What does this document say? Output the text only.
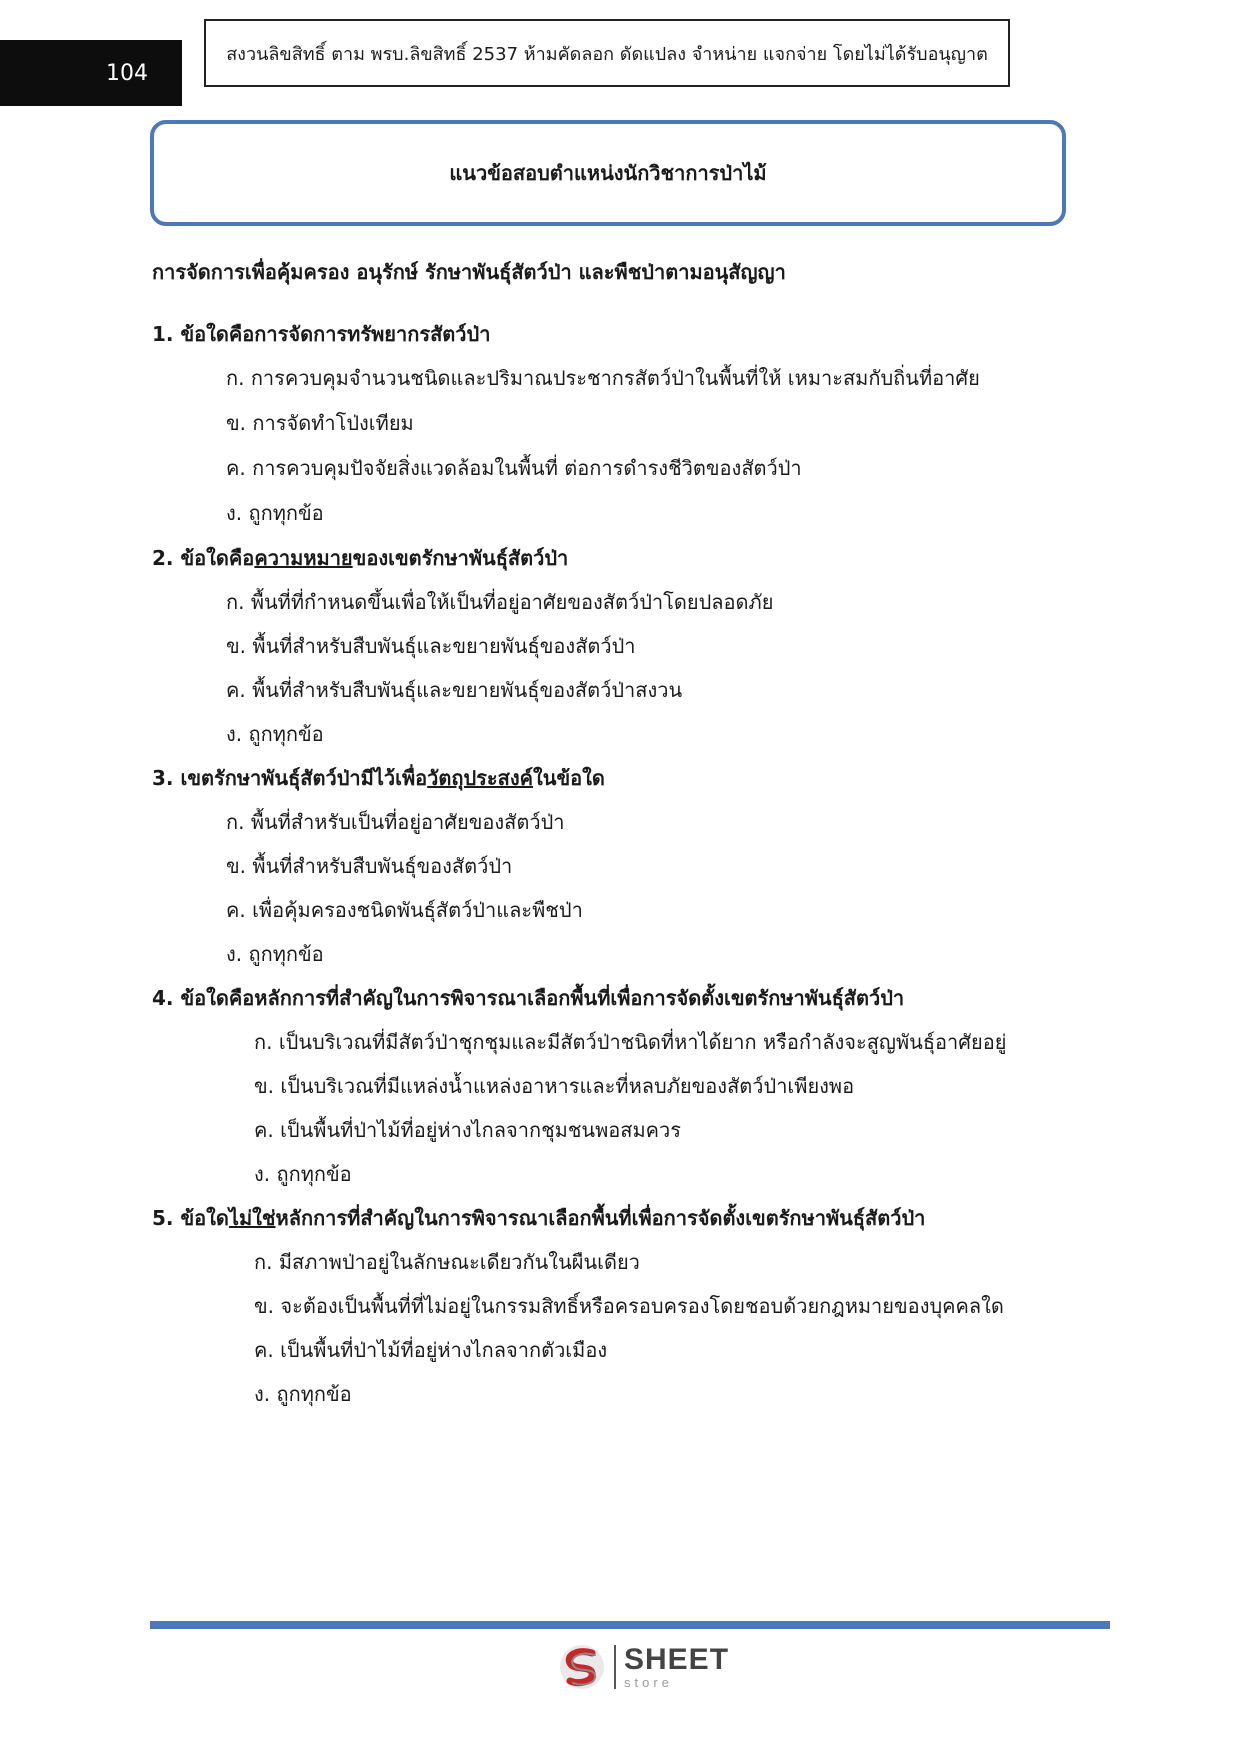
104
สงวนลิขสิทธิ์ ตาม พรบ.ลิขสิทธิ์ 2537 ห้ามคัดลอก ดัดแปลง จำหน่าย แจกจ่าย โดยไม่ได้รับอนุญาต
แนวข้อสอบตำแหน่งนักวิชาการป่าไม้
การจัดการเพื่อคุ้มครอง อนุรักษ์ รักษาพันธุ์สัตว์ป่า และพืชป่าตามอนุสัญญา
1. ข้อใดคือการจัดการทรัพยากรสัตว์ป่า
ก. การควบคุมจำนวนชนิดและปริมาณประชากรสัตว์ป่าในพื้นที่ให้ เหมาะสมกับถิ่นที่อาศัย
ข. การจัดทำโป่งเทียม
ค. การควบคุมปัจจัยสิ่งแวดล้อมในพื้นที่ ต่อการดำรงชีวิตของสัตว์ป่า
ง. ถูกทุกข้อ
2. ข้อใดคือความหมายของเขตรักษาพันธุ์สัตว์ป่า
ก. พื้นที่ที่กำหนดขึ้นเพื่อให้เป็นที่อยู่อาศัยของสัตว์ป่าโดยปลอดภัย
ข. พื้นที่สำหรับสืบพันธุ์และขยายพันธุ์ของสัตว์ป่า
ค. พื้นที่สำหรับสืบพันธุ์และขยายพันธุ์ของสัตว์ป่าสงวน
ง. ถูกทุกข้อ
3. เขตรักษาพันธุ์สัตว์ป่ามีไว้เพื่อวัตถุประสงค์ในข้อใด
ก. พื้นที่สำหรับเป็นที่อยู่อาศัยของสัตว์ป่า
ข. พื้นที่สำหรับสืบพันธุ์ของสัตว์ป่า
ค. เพื่อคุ้มครองชนิดพันธุ์สัตว์ป่าและพืชป่า
ง. ถูกทุกข้อ
4. ข้อใดคือหลักการที่สำคัญในการพิจารณาเลือกพื้นที่เพื่อการจัดตั้งเขตรักษาพันธุ์สัตว์ป่า
ก. เป็นบริเวณที่มีสัตว์ป่าชุกชุมและมีสัตว์ป่าชนิดที่หาได้ยาก หรือกำลังจะสูญพันธุ์อาศัยอยู่
ข. เป็นบริเวณที่มีแหล่งน้ำแหล่งอาหารและที่หลบภัยของสัตว์ป่าเพียงพอ
ค. เป็นพื้นที่ป่าไม้ที่อยู่ห่างไกลจากชุมชนพอสมควร
ง. ถูกทุกข้อ
5. ข้อใดไม่ใช่หลักการที่สำคัญในการพิจารณาเลือกพื้นที่เพื่อการจัดตั้งเขตรักษาพันธุ์สัตว์ป่า
ก. มีสภาพป่าอยู่ในลักษณะเดียวกันในผืนเดียว
ข. จะต้องเป็นพื้นที่ที่ไม่อยู่ในกรรมสิทธิ์หรือครอบครองโดยชอบด้วยกฎหมายของบุคคลใด
ค. เป็นพื้นที่ป่าไม้ที่อยู่ห่างไกลจากตัวเมือง
ง. ถูกทุกข้อ
SHEET
store
